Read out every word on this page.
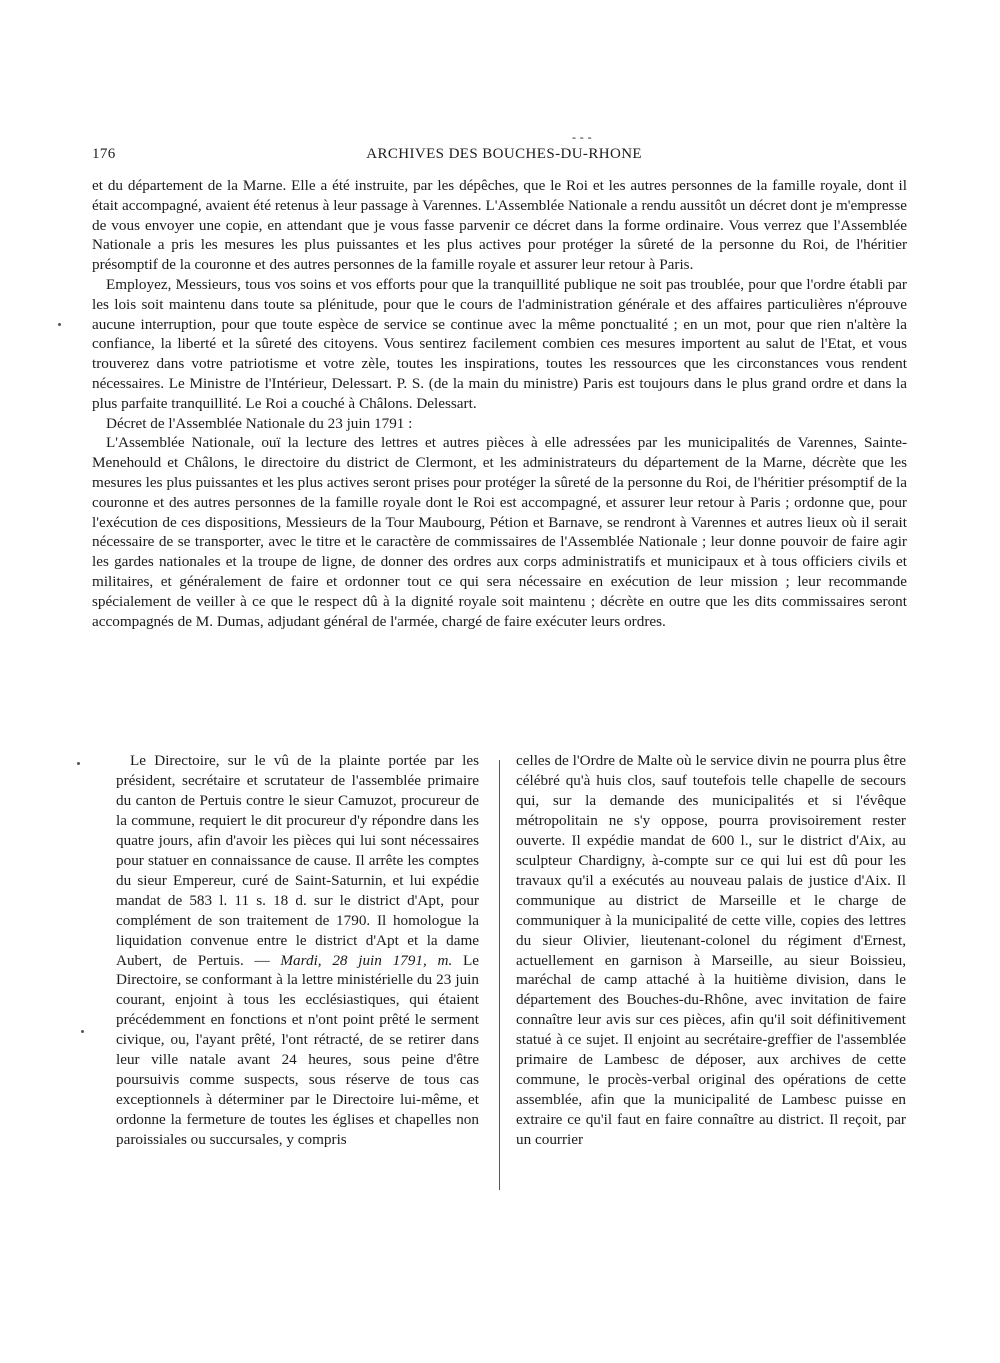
- - -
176	ARCHIVES DES BOUCHES-DU-RHONE

et du département de la Marne. Elle a été instruite, par les dépêches, que le Roi et les autres personnes de la famille royale, dont il était accompagné, avaient été retenus à leur passage à Varennes. L'Assemblée Nationale a rendu aussitôt un décret dont je m'empresse de vous envoyer une copie, en attendant que je vous fasse parvenir ce décret dans la forme ordinaire. Vous verrez que l'Assemblée Nationale a pris les mesures les plus puissantes et les plus actives pour protéger la sûreté de la personne du Roi, de l'héritier présomptif de la couronne et des autres personnes de la famille royale et assurer leur retour à Paris.

Employez, Messieurs, tous vos soins et vos efforts pour que la tranquillité publique ne soit pas troublée, pour que l'ordre établi par les lois soit maintenu dans toute sa plénitude, pour que le cours de l'administration générale et des affaires particulières n'éprouve aucune interruption, pour que toute espèce de service se continue avec la même ponctualité ; en un mot, pour que rien n'altère la confiance, la liberté et la sûreté des citoyens. Vous sentirez facilement combien ces mesures importent au salut de l'Etat, et vous trouverez dans votre patriotisme et votre zèle, toutes les inspirations, toutes les ressources que les circonstances vous rendent nécessaires. Le Ministre de l'Intérieur, Delessart. P. S. (de la main du ministre) Paris est toujours dans le plus grand ordre et dans la plus parfaite tranquillité. Le Roi a couché à Châlons. Delessart.

Décret de l'Assemblée Nationale du 23 juin 1791 :

L'Assemblée Nationale, ouï la lecture des lettres et autres pièces à elle adressées par les municipalités de Varennes, Sainte-Menehould et Châlons, le directoire du district de Clermont, et les administrateurs du département de la Marne, décrète que les mesures les plus puissantes et les plus actives seront prises pour protéger la sûreté de la personne du Roi, de l'héritier présomptif de la couronne et des autres personnes de la famille royale dont le Roi est accompagné, et assurer leur retour à Paris ; ordonne que, pour l'exécution de ces dispositions, Messieurs de la Tour Maubourg, Pétion et Barnave, se rendront à Varennes et autres lieux où il serait nécessaire de se transporter, avec le titre et le caractère de commissaires de l'Assemblée Nationale ; leur donne pouvoir de faire agir les gardes nationales et la troupe de ligne, de donner des ordres aux corps administratifs et municipaux et à tous officiers civils et militaires, et généralement de faire et ordonner tout ce qui sera nécessaire en exécution de leur mission ; leur recommande spécialement de veiller à ce que le respect dû à la dignité royale soit maintenu ; décrète en outre que les dits commissaires seront accompagnés de M. Dumas, adjudant général de l'armée, chargé de faire exécuter leurs ordres.

Le Directoire, sur le vû de la plainte portée par les président, secrétaire et scrutateur de l'assemblée primaire du canton de Pertuis contre le sieur Camuzot, procureur de la commune, requiert le dit procureur d'y répondre dans les quatre jours, afin d'avoir les pièces qui lui sont nécessaires pour statuer en connaissance de cause. Il arrête les comptes du sieur Empereur, curé de Saint-Saturnin, et lui expédie mandat de 583 l. 11 s. 18 d. sur le district d'Apt, pour complément de son traitement de 1790. Il homologue la liquidation convenue entre le district d'Apt et la dame Aubert, de Pertuis. — Mardi, 28 juin 1791, m. Le Directoire, se conformant à la lettre ministérielle du 23 juin courant, enjoint à tous les ecclésiastiques, qui étaient précédemment en fonctions et n'ont point prêté le serment civique, ou, l'ayant prêté, l'ont rétracté, de se retirer dans leur ville natale avant 24 heures, sous peine d'être poursuivis comme suspects, sous réserve de tous cas exceptionnels à déterminer par le Directoire lui-même, et ordonne la fermeture de toutes les églises et chapelles non paroissiales ou succursales, y compris

celles de l'Ordre de Malte où le service divin ne pourra plus être célébré qu'à huis clos, sauf toutefois telle chapelle de secours qui, sur la demande des municipalités et si l'évêque métropolitain ne s'y oppose, pourra provisoirement rester ouverte. Il expédie mandat de 600 l., sur le district d'Aix, au sculpteur Chardigny, à-compte sur ce qui lui est dû pour les travaux qu'il a exécutés au nouveau palais de justice d'Aix. Il communique au district de Marseille et le charge de communiquer à la municipalité de cette ville, copies des lettres du sieur Olivier, lieutenant-colonel du régiment d'Ernest, actuellement en garnison à Marseille, au sieur Boissieu, maréchal de camp attaché à la huitième division, dans le département des Bouches-du-Rhône, avec invitation de faire connaître leur avis sur ces pièces, afin qu'il soit définitivement statué à ce sujet. Il enjoint au secrétaire-greffier de l'assemblée primaire de Lambesc de déposer, aux archives de cette commune, le procès-verbal original des opérations de cette assemblée, afin que la municipalité de Lambesc puisse en extraire ce qu'il faut en faire connaître au district. Il reçoit, par un courrier
